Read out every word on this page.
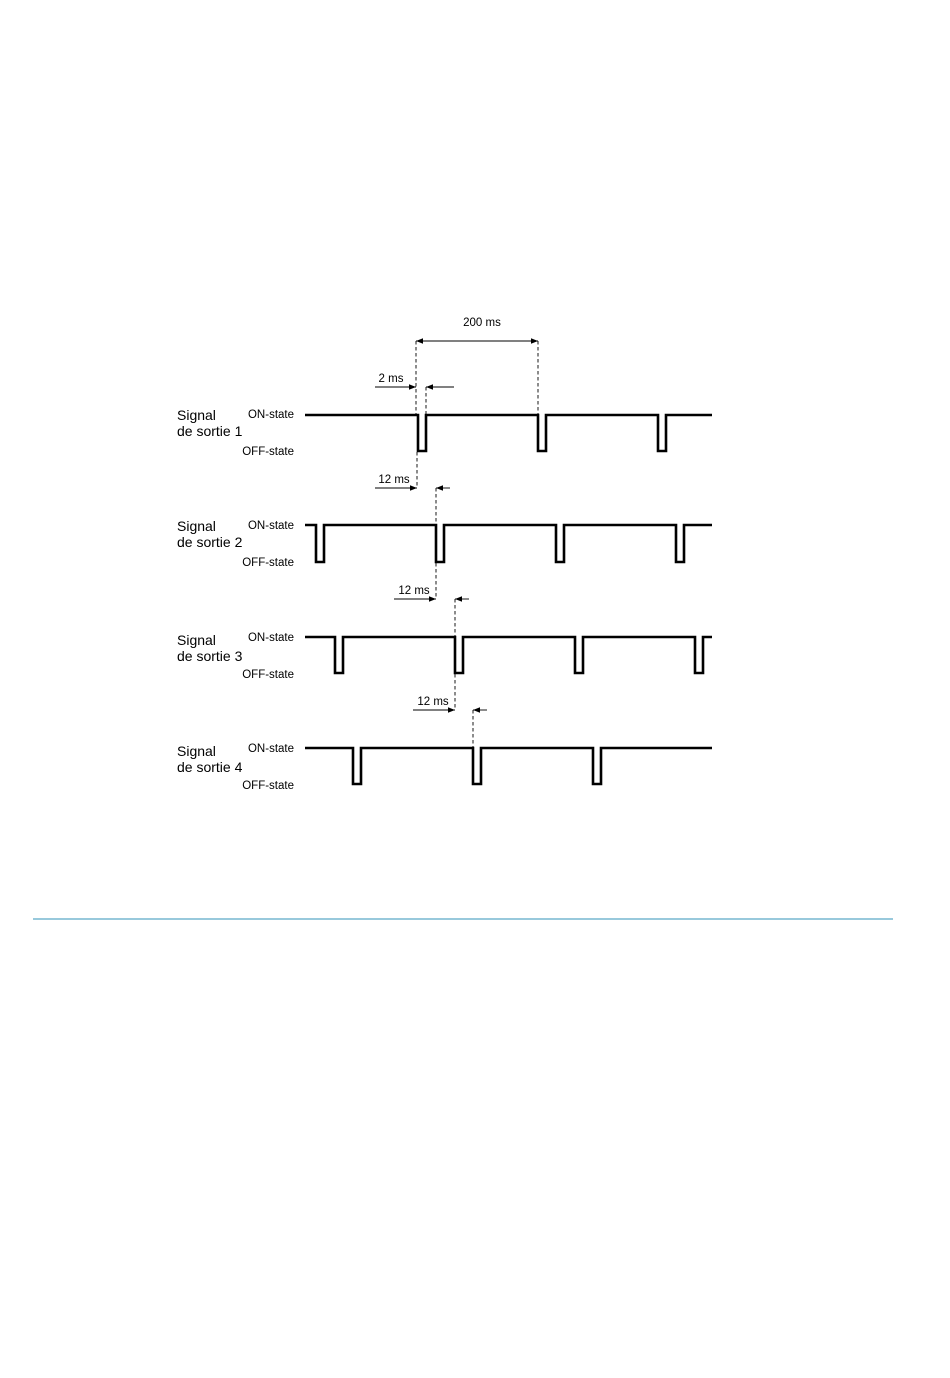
200 ms
2 ms
Signal
de sortie 1
ON-state
OFF-state
12 ms
Signal
de sortie 2
ON-state
OFF-state
12 ms
Signal
de sortie 3
ON-state
OFF-state
12 ms
Signal
de sortie 4
ON-state
OFF-state
